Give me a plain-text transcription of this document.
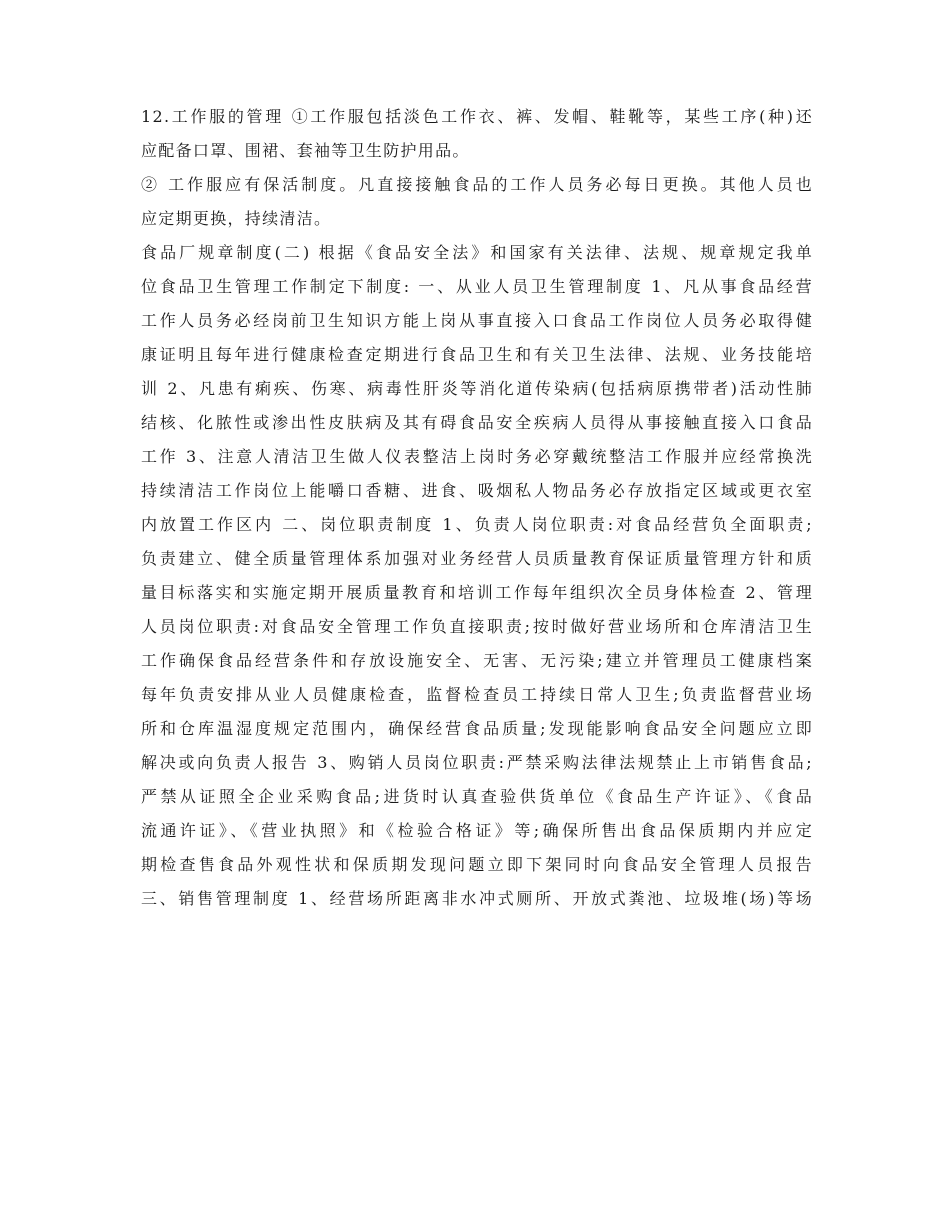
12.工作服的管理 ①工作服包括淡色工作衣、裤、发帽、鞋靴等，某些工序(种)还
应配备口罩、围裙、套袖等卫生防护用品。
② 工作服应有保活制度。凡直接接触食品的工作人员务必每日更换。其他人员也
应定期更换，持续清洁。
食品厂规章制度(二) 根据《食品安全法》和国家有关法律、法规、规章规定我单
位食品卫生管理工作制定下制度: 一、从业人员卫生管理制度 1、凡从事食品经营
工作人员务必经岗前卫生知识方能上岗从事直接入口食品工作岗位人员务必取得健
康证明且每年进行健康检查定期进行食品卫生和有关卫生法律、法规、业务技能培
训 2、凡患有痢疾、伤寒、病毒性肝炎等消化道传染病(包括病原携带者)活动性肺
结核、化脓性或渗出性皮肤病及其有碍食品安全疾病人员得从事接触直接入口食品
工作 3、注意人清洁卫生做人仪表整洁上岗时务必穿戴统整洁工作服并应经常换洗
持续清洁工作岗位上能嚼口香糖、进食、吸烟私人物品务必存放指定区域或更衣室
内放置工作区内 二、岗位职责制度 1、负责人岗位职责:对食品经营负全面职责;
负责建立、健全质量管理体系加强对业务经营人员质量教育保证质量管理方针和质
量目标落实和实施定期开展质量教育和培训工作每年组织次全员身体检查 2、管理
人员岗位职责:对食品安全管理工作负直接职责;按时做好营业场所和仓库清洁卫生
工作确保食品经营条件和存放设施安全、无害、无污染;建立并管理员工健康档案
每年负责安排从业人员健康检查，监督检查员工持续日常人卫生;负责监督营业场
所和仓库温湿度规定范围内，确保经营食品质量;发现能影响食品安全问题应立即
解决或向负责人报告 3、购销人员岗位职责:严禁采购法律法规禁止上市销售食品;
严禁从证照全企业采购食品;进货时认真查验供货单位《食品生产许证》、《食品
流通许证》、《营业执照》和《检验合格证》等;确保所售出食品保质期内并应定
期检查售食品外观性状和保质期发现问题立即下架同时向食品安全管理人员报告
三、销售管理制度 1、经营场所距离非水冲式厕所、开放式粪池、垃圾堆(场)等场
